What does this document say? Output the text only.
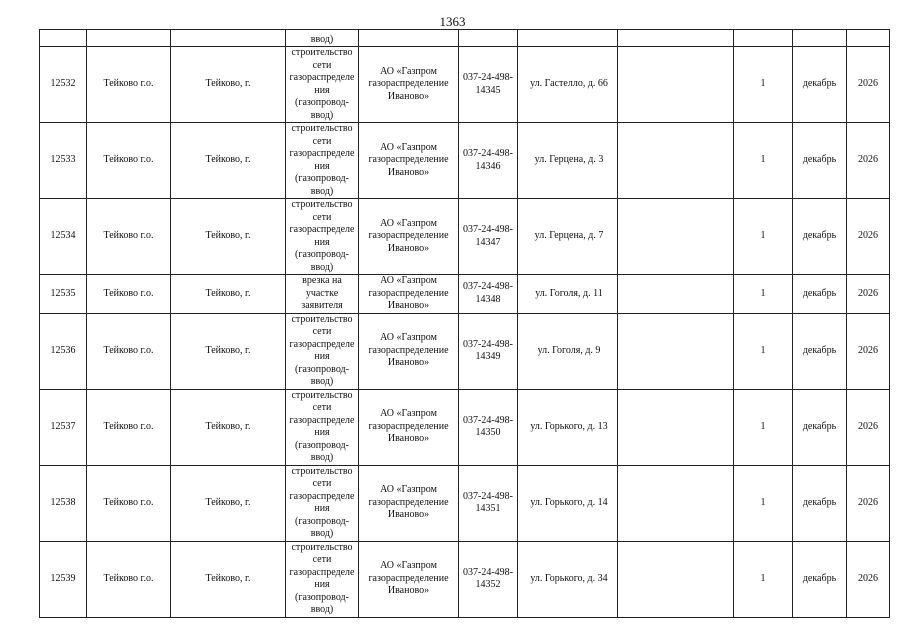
1363
			ввод)							
12532	Тейково г.о.	Тейково, г.	строительство сети газораспределения (газопровод-ввод)	АО «Газпром газораспределение Иваново»	037-24-498-14345	ул. Гастелло, д. 66		1	декабрь	2026
12533	Тейково г.о.	Тейково, г.	строительство сети газораспределения (газопровод-ввод)	АО «Газпром газораспределение Иваново»	037-24-498-14346	ул. Герцена, д. 3		1	декабрь	2026
12534	Тейково г.о.	Тейково, г.	строительство сети газораспределения (газопровод-ввод)	АО «Газпром газораспределение Иваново»	037-24-498-14347	ул. Герцена, д. 7		1	декабрь	2026
12535	Тейково г.о.	Тейково, г.	врезка на участке заявителя	АО «Газпром газораспределение Иваново»	037-24-498-14348	ул. Гоголя, д. 11		1	декабрь	2026
12536	Тейково г.о.	Тейково, г.	строительство сети газораспределения (газопровод-ввод)	АО «Газпром газораспределение Иваново»	037-24-498-14349	ул. Гоголя, д. 9		1	декабрь	2026
12537	Тейково г.о.	Тейково, г.	строительство сети газораспределения (газопровод-ввод)	АО «Газпром газораспределение Иваново»	037-24-498-14350	ул. Горького, д. 13		1	декабрь	2026
12538	Тейково г.о.	Тейково, г.	строительство сети газораспределения (газопровод-ввод)	АО «Газпром газораспределение Иваново»	037-24-498-14351	ул. Горького, д. 14		1	декабрь	2026
12539	Тейково г.о.	Тейково, г.	строительство сети газораспределения (газопровод-ввод)	АО «Газпром газораспределение Иваново»	037-24-498-14352	ул. Горького, д. 34		1	декабрь	2026
